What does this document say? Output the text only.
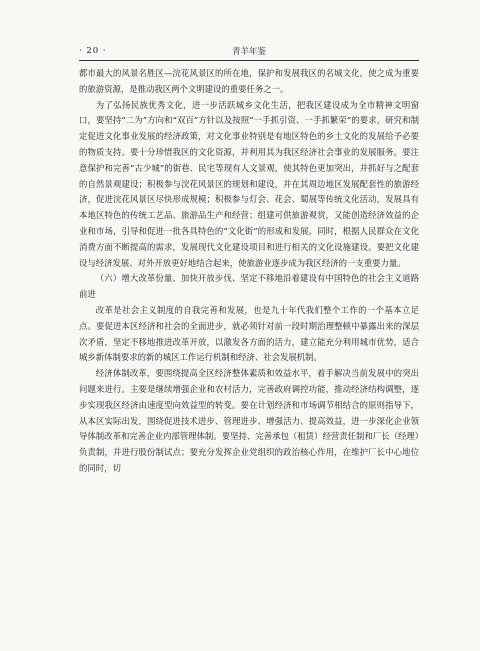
· 20 ·	青羊年鉴

都市最大的风景名胜区—浣花风景区的所在地，保护和发展我区的名城文化，使之成为重要的旅游资源，是推动我区两个文明建设的重要任务之一。

为了弘扬民族优秀文化，进一步活跃城乡文化生活，把我区建设成为全市精神文明窗口，要坚持“二为”方向和“双百”方针以及按照“一手抓引资、一手抓繁荣”的要求，研究和制定促进文化事业发展的经济政策，对文化事业特别是有地区特色的乡土文化的发展给予必要的物质支持。要十分珍惜我区的文化资源，并利用其为我区经济社会事业的发展服务。要注意保护和完善“古少城”的街巷、民宅等现有人文景观，使其特色更加突出，并抓好与之配套的自然景观建设；积极参与浣花风景区的规划和建设，并在其周边地区发展配套性的旅游经济，促进浣花风景区尽快形成规模；积极参与灯会、花会、蜀展等传统文化活动，发展具有本地区特色的传统工艺品、旅游品生产和经营；组建可供旅游观赏，又能创造经济效益的企业和市场，引导和促进一批各具特色的“文化街”的形成和发展。同时，根据人民群众在文化消费方面不断提高的需求，发展现代文化建设项目和进行相关的文化设施建设。要把文化建设与经济发展、对外开放更好地结合起来，使旅游业逐步成为我区经济的一支重要力量。

（六）增大改革份量、加快开放步伐、坚定不移地沿着建设有中国特色的社会主义道路前进

改革是社会主义制度的自我完善和发展，也是九十年代我们整个工作的一个基本立足点。要促进本区经济和社会的全面进步，就必须针对前一段时期治理整顿中暴露出来的深层次矛盾，坚定不移地推进改革开放，以激发各方面的活力，建立能充分利用城市优势，适合城乡新体制要求的新的城区工作运行机制和经济、社会发展机制。

经济体制改革，要围绕提高全区经济整体素质和效益水平，着手解决当前发展中的突出问题来进行。主要是继续增强企业和农村活力，完善政府调控功能，推动经济结构调整，逐步实现我区经济由速度型向效益型的转变。要在计划经济和市场调节相结合的原则指导下，从本区实际出发，围绕促进技术进步、管理进步、增强活力、提高效益，进一步深化企业领导体制改革和完善企业内部管理体制。要坚持、完善承包（租赁）经营责任制和厂长（经理）负责制，并进行股份制试点；要充分发挥企业党组织的政治核心作用，在维护厂长中心地位的同时，切
